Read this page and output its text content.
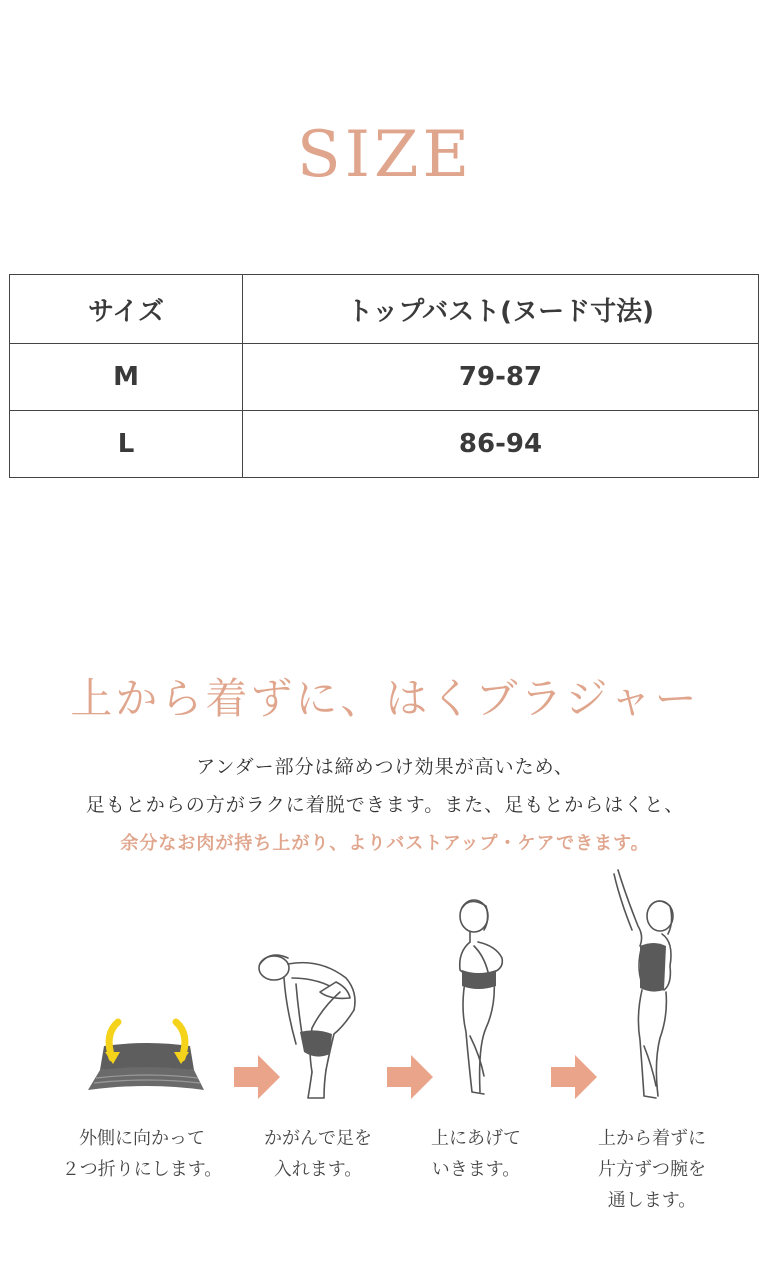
SIZE
サイズ	トップバスト(ヌード寸法)
M	79-87
L	86-94
上から着ずに、はくブラジャー
アンダー部分は締めつけ効果が高いため、
足もとからの方がラクに着脱できます。また、足もとからはくと、
余分なお肉が持ち上がり、よりバストアップ・ケアできます。
外側に向かって
２つ折りにします。
かがんで足を
入れます。
上にあげて
いきます。
上から着ずに
片方ずつ腕を
通します。
